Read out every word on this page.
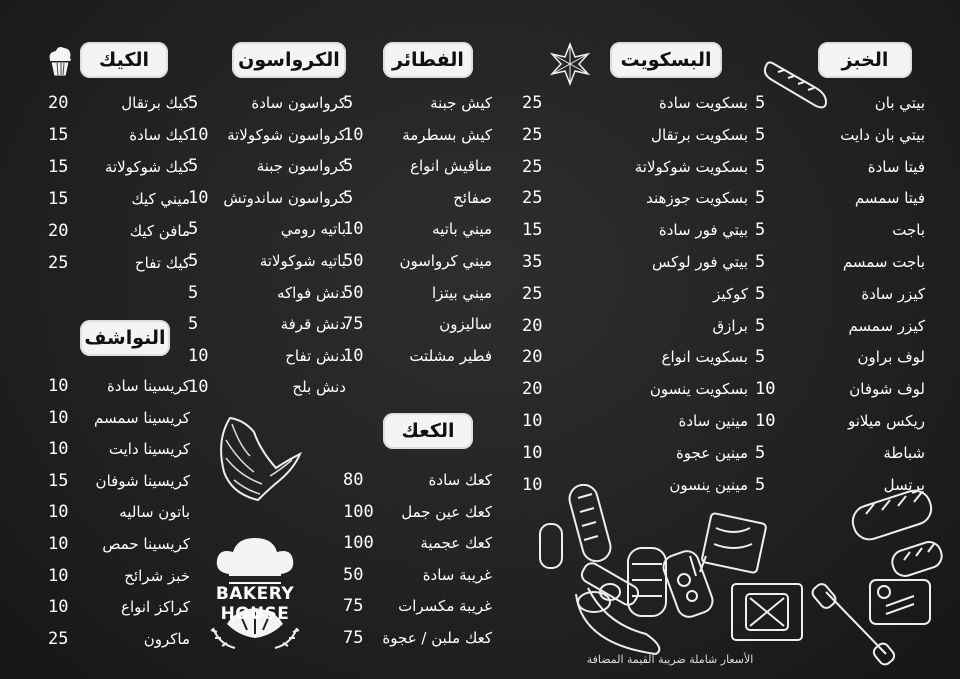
الخبز
البسكويت
الفطائر
الكرواسون
الكيك
النواشف
الكعك
5	بيتي بان
5	بيتي بان دايت
5	فيتا سادة
5	فيتا سمسم
5	باجت
5	باجت سمسم
5	كيزر سادة
5	كيزر سمسم
5	لوف براون
10	لوف شوفان
10	ريكس ميلانو
5	شباطة
5	برتسل
25	بسكويت سادة
25	بسكويت برتقال
25	بسكويت شوكولاتة
25	بسكويت جوزهند
15	بيتي فور سادة
35	بيتي فور لوكس
25	كوكيز
20	برازق
20	بسكويت انواع
20	بسكويت ينسون
10	مينين سادة
10	مينين عجوة
10	مينين ينسون
5	كيش جبنة
10	كيش بسطرمة
5	مناقيش انواع
5	صفائح
10	ميني باتيه
50 ميني كرواسون
50	ميني بيتزا
75	ساليزون
10	فطير مشلتت
5	كرواسون سادة
10 كرواسون شوكولاتة
5	كرواسون جبنة
10 كرواسون ساندوتش
5	باتيه رومي
5	باتيه شوكولاتة
5	دنش فواكه
5	دنش قرفة
10	دنش تفاح
10	دنش بلح
20	كيك برتقال
15	كيك سادة
15 كيك شوكولاتة
15	ميني كيك
20	مافن كيك
25	كيك تفاح
10	كريسينا سادة
10 كريسينا سمسم
10	كريسينا دايت
15 كريسينا شوفان
10	باتون ساليه
10 كريسينا حمص
10	خبز شرائح
10	كراكز انواع
25	ماكرون
80	كعك سادة
100 كعك عين جمل
100	كعك عجمية
50	غريبة سادة
75 غريبة مكسرات
75 كعك ملبن / عجوة
BAKERY HOUSE
الأسعار شاملة ضريبة القيمة المضافة
